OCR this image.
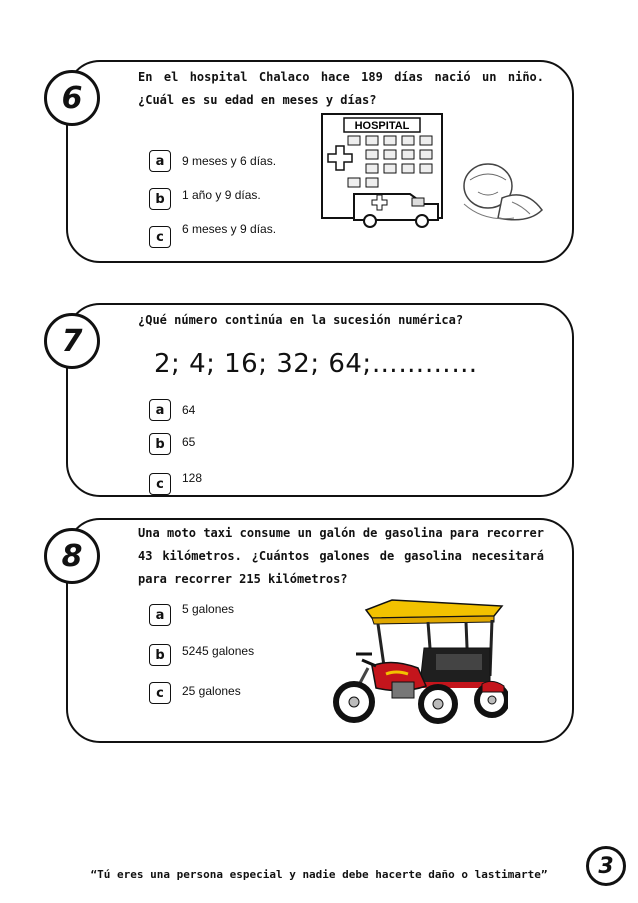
6
En el hospital Chalaco hace 189 días nació un niño. ¿Cuál es su edad en meses y días?
a	9 meses y 6 días.
b	1 año y 9 días.
c
6 meses y 9 días.
HOSPITAL
7
¿Qué número continúa en la sucesión numérica?
2; 4; 16; 32; 64;…………
a	64
b	65
c	128
8
Una moto taxi consume un galón de gasolina para recorrer 43 kilómetros. ¿Cuántos galones de gasolina necesitará para recorrer 215 kilómetros?
a	5 galones
b	5245 galones
c	25 galones
“Tú eres una persona especial y nadie debe hacerte daño o lastimarte”	3
